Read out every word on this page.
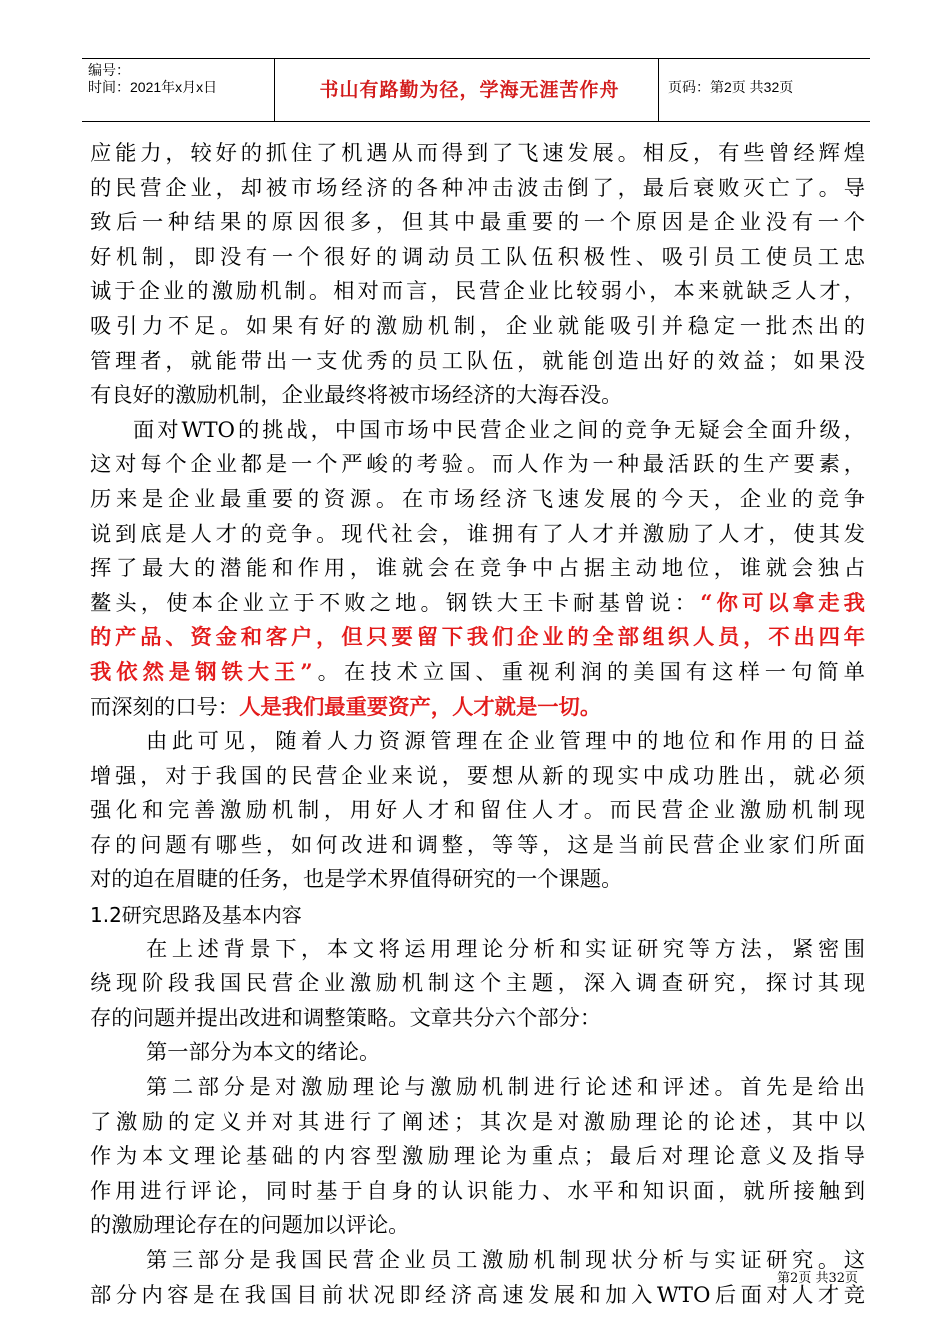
编号：
时间：2021年x月x日	书山有路勤为径，学海无涯苦作舟	页码：第2页 共32页
应能力，较好的抓住了机遇从而得到了飞速发展。相反，有些曾经辉煌
的民营企业，却被市场经济的各种冲击波击倒了，最后衰败灭亡了。导
致后一种结果的原因很多，但其中最重要的一个原因是企业没有一个
好机制，即没有一个很好的调动员工队伍积极性、吸引员工使员工忠
诚于企业的激励机制。相对而言，民营企业比较弱小，本来就缺乏人才，
吸引力不足。如果有好的激励机制，企业就能吸引并稳定一批杰出的
管理者，就能带出一支优秀的员工队伍，就能创造出好的效益；如果没
有良好的激励机制，企业最终将被市场经济的大海吞没。
面对WTO的挑战，中国市场中民营企业之间的竞争无疑会全面升级，
这对每个企业都是一个严峻的考验。而人作为一种最活跃的生产要素，
历来是企业最重要的资源。在市场经济飞速发展的今天，企业的竞争
说到底是人才的竞争。现代社会，谁拥有了人才并激励了人才，使其发
挥了最大的潜能和作用，谁就会在竞争中占据主动地位，谁就会独占
鳌头，使本企业立于不败之地。钢铁大王卡耐基曾说：“你可以拿走我
的产品、资金和客户，但只要留下我们企业的全部组织人员，不出四年
我依然是钢铁大王”。在技术立国、重视利润的美国有这样一句简单
而深刻的口号：人是我们最重要资产，人才就是一切。
由此可见，随着人力资源管理在企业管理中的地位和作用的日益
增强，对于我国的民营企业来说，要想从新的现实中成功胜出，就必须
强化和完善激励机制，用好人才和留住人才。而民营企业激励机制现
存的问题有哪些，如何改进和调整，等等，这是当前民营企业家们所面
对的迫在眉睫的任务，也是学术界值得研究的一个课题。
1.2研究思路及基本内容
在上述背景下，本文将运用理论分析和实证研究等方法，紧密围
绕现阶段我国民营企业激励机制这个主题，深入调查研究，探讨其现
存的问题并提出改进和调整策略。文章共分六个部分：
第一部分为本文的绪论。
第二部分是对激励理论与激励机制进行论述和评述。首先是给出
了激励的定义并对其进行了阐述；其次是对激励理论的论述，其中以
作为本文理论基础的内容型激励理论为重点；最后对理论意义及指导
作用进行评论，同时基于自身的认识能力、水平和知识面，就所接触到
的激励理论存在的问题加以评论。
第三部分是我国民营企业员工激励机制现状分析与实证研究。这
部分内容是在我国目前状况即经济高速发展和加入WTO后面对人才竞
第2页 共32页
